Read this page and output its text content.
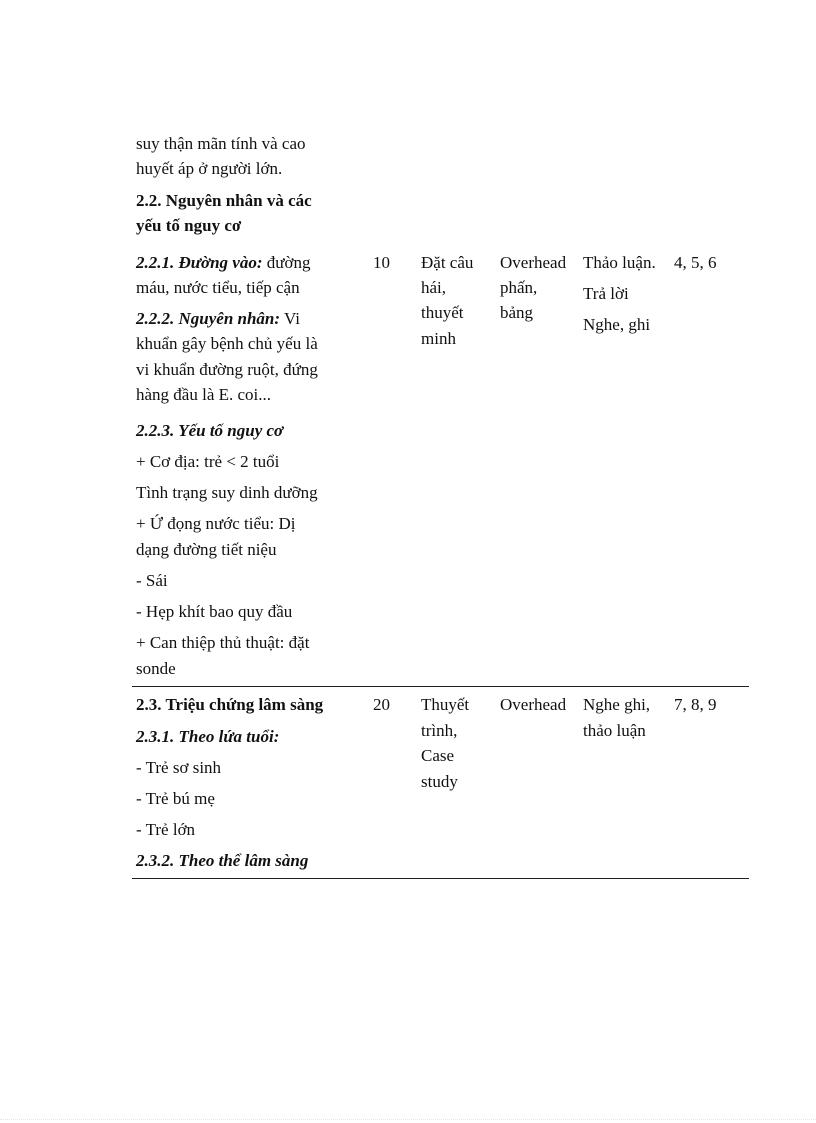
suy thận mãn tính và cao
huyết áp ở người lớn.
2.2. Nguyên nhân và các
yếu tố nguy cơ
2.2.1. Đường vào: đường
máu, nước tiểu, tiếp cận
2.2.2. Nguyên nhân: Vi
khuẩn gây bệnh chủ yếu là
vi khuẩn đường ruột, đứng
hàng đầu là E. coi...
2.2.3. Yếu tố nguy cơ
+ Cơ địa: trẻ < 2 tuổi
Tình trạng suy dinh dưỡng
+ Ứ đọng nước tiểu: Dị
dạng đường tiết niệu
- Sái
- Hẹp khít bao quy đầu
+ Can thiệp thủ thuật: đặt
sonde
10 Đặt câu
hái,
thuyết
minh
Overhead
phấn,
bảng
Thảo luận.
Trả lời
Nghe, ghi
4, 5, 6
2.3. Triệu chứng lâm sàng
2.3.1. Theo lứa tuổi:
- Trẻ sơ sinh
- Trẻ bú mẹ
- Trẻ lớn
2.3.2. Theo thể lâm sàng
20 Thuyết
trình,
Case
study
Overhead Nghe ghi,
thảo luận
7, 8, 9
